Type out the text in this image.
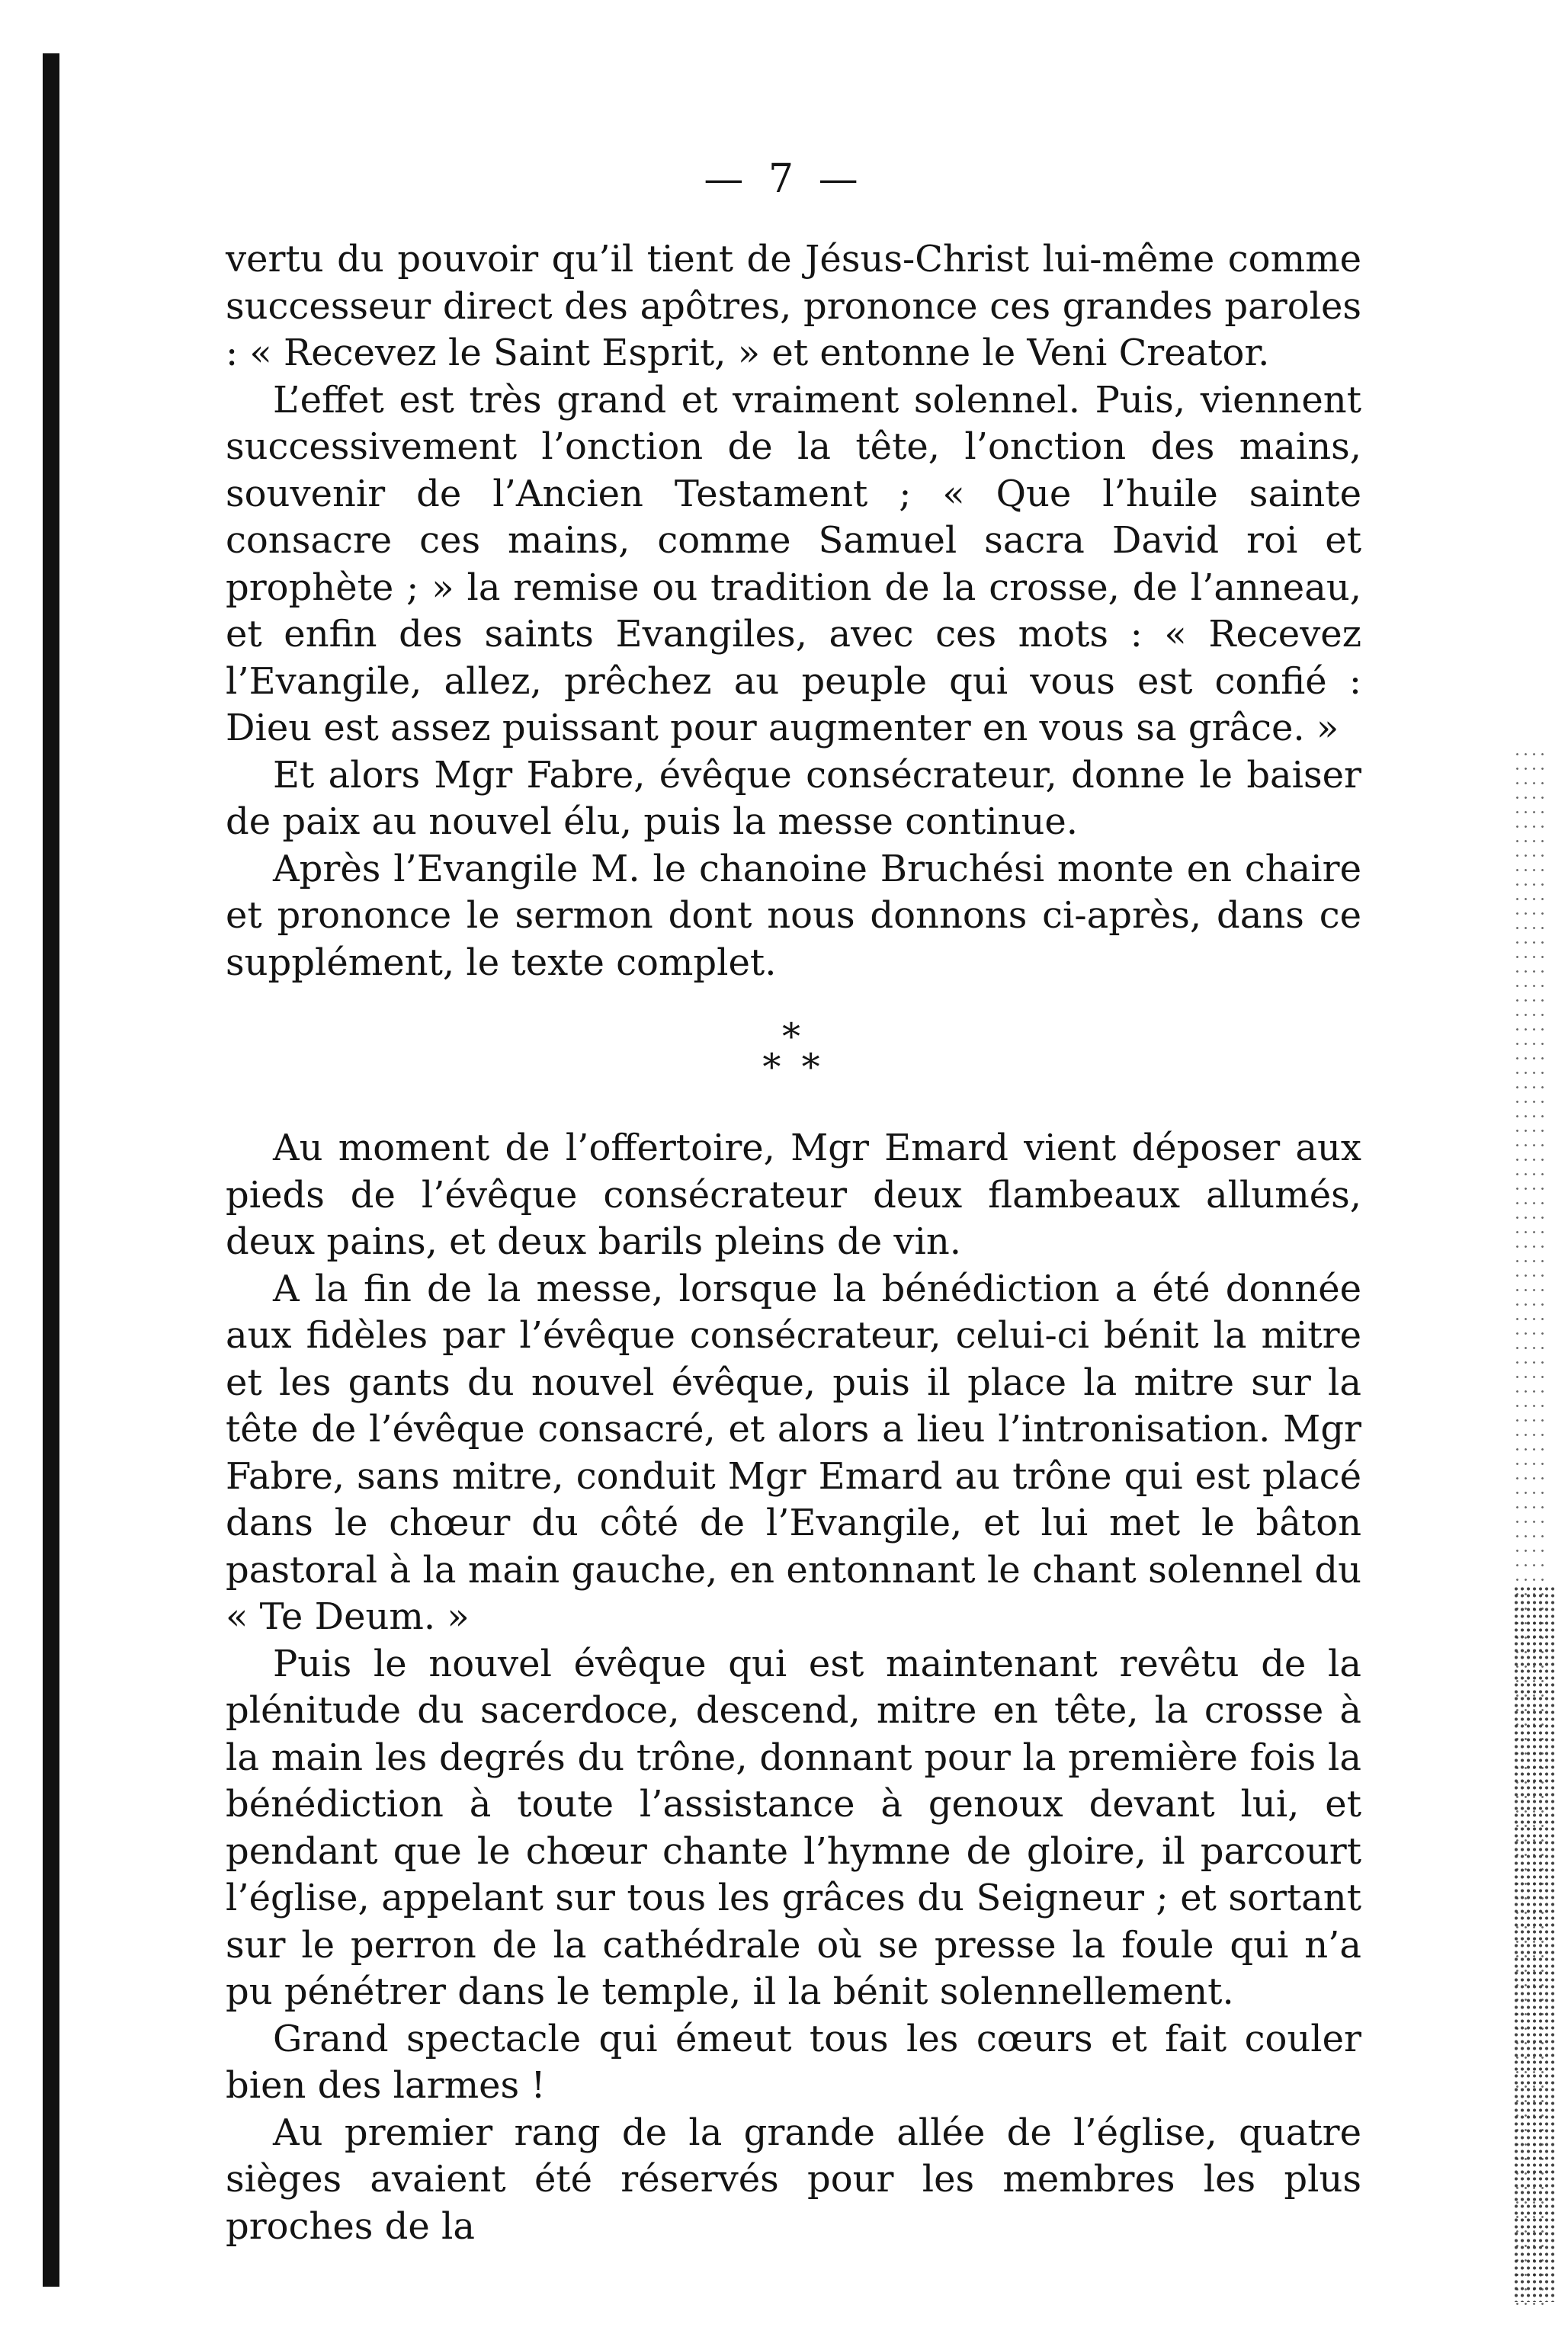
— 7 —

vertu du pouvoir qu’il tient de Jésus-Christ lui-même comme successeur direct des apôtres, prononce ces grandes paroles : « Recevez le Saint Esprit, » et entonne le Veni Creator.

L’effet est très grand et vraiment solennel. Puis, viennent successivement l’onction de la tête, l’onction des mains, souvenir de l’Ancien Testament ; « Que l’huile sainte consacre ces mains, comme Samuel sacra David roi et prophète ; » la remise ou tradition de la crosse, de l’anneau, et enfin des saints Evangiles, avec ces mots : « Recevez l’Evangile, allez, prêchez au peuple qui vous est confié : Dieu est assez puissant pour augmenter en vous sa grâce. »

Et alors Mgr Fabre, évêque consécrateur, donne le baiser de paix au nouvel élu, puis la messe continue.

Après l’Evangile M. le chanoine Bruchési monte en chaire et prononce le sermon dont nous donnons ci-après, dans ce supplément, le texte complet.

*
* *

Au moment de l’offertoire, Mgr Emard vient déposer aux pieds de l’évêque consécrateur deux flambeaux allumés, deux pains, et deux barils pleins de vin.

A la fin de la messe, lorsque la bénédiction a été donnée aux fidèles par l’évêque consécrateur, celui-ci bénit la mitre et les gants du nouvel évêque, puis il place la mitre sur la tête de l’évêque consacré, et alors a lieu l’intronisation. Mgr Fabre, sans mitre, conduit Mgr Emard au trône qui est placé dans le chœur du côté de l’Evangile, et lui met le bâton pastoral à la main gauche, en entonnant le chant solennel du « Te Deum. »

Puis le nouvel évêque qui est maintenant revêtu de la plénitude du sacerdoce, descend, mitre en tête, la crosse à la main les degrés du trône, donnant pour la première fois la bénédiction à toute l’assistance à genoux devant lui, et pendant que le chœur chante l’hymne de gloire, il parcourt l’église, appelant sur tous les grâces du Seigneur ; et sortant sur le perron de la cathédrale où se presse la foule qui n’a pu pénétrer dans le temple, il la bénit solennellement.

Grand spectacle qui émeut tous les cœurs et fait couler bien des larmes !

Au premier rang de la grande allée de l’église, quatre sièges avaient été réservés pour les membres les plus proches de la
